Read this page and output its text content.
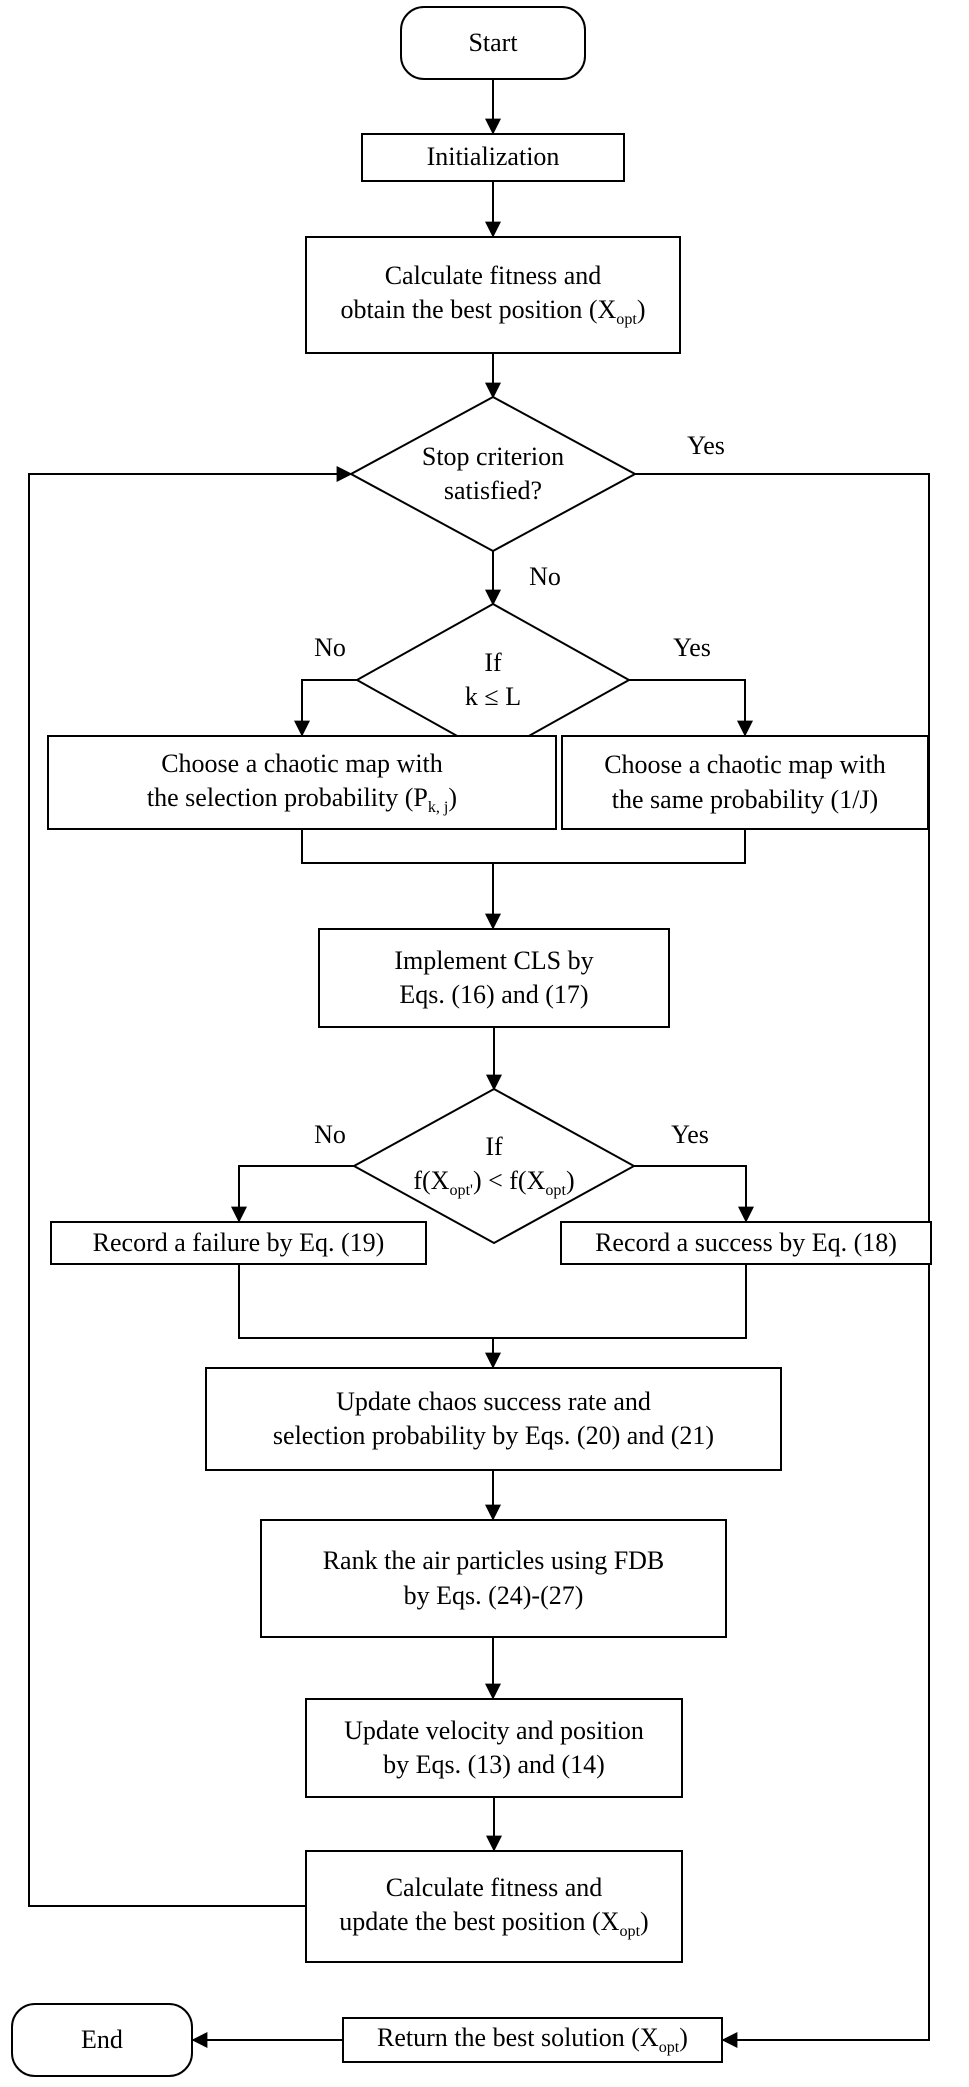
Start
Initialization
Calculate fitness and
obtain the best position $(X_{opt})$
Stop criterion
satisfied?
If
k ≤ L
Choose a chaotic map with
the selection probability $(P_{k, j})$
Choose a chaotic map with
the same probability (1/J)
Implement CLS by
Eqs. (16) and (17)
If
$f(X_{opt'}) < f(X_{opt})$
Record a failure by Eq. (19)	Record a success by Eq. (18)
Update chaos success rate and
selection probability by Eqs. (20) and (21)
Rank the air particles using FDB
by Eqs. (24)-(27)
Update velocity and position
by Eqs. (13) and (14)
Calculate fitness and
update the best position $(X_{opt})$
Return the best solution $(X_{opt})$
End
Yes
No
No	Yes
No	Yes
